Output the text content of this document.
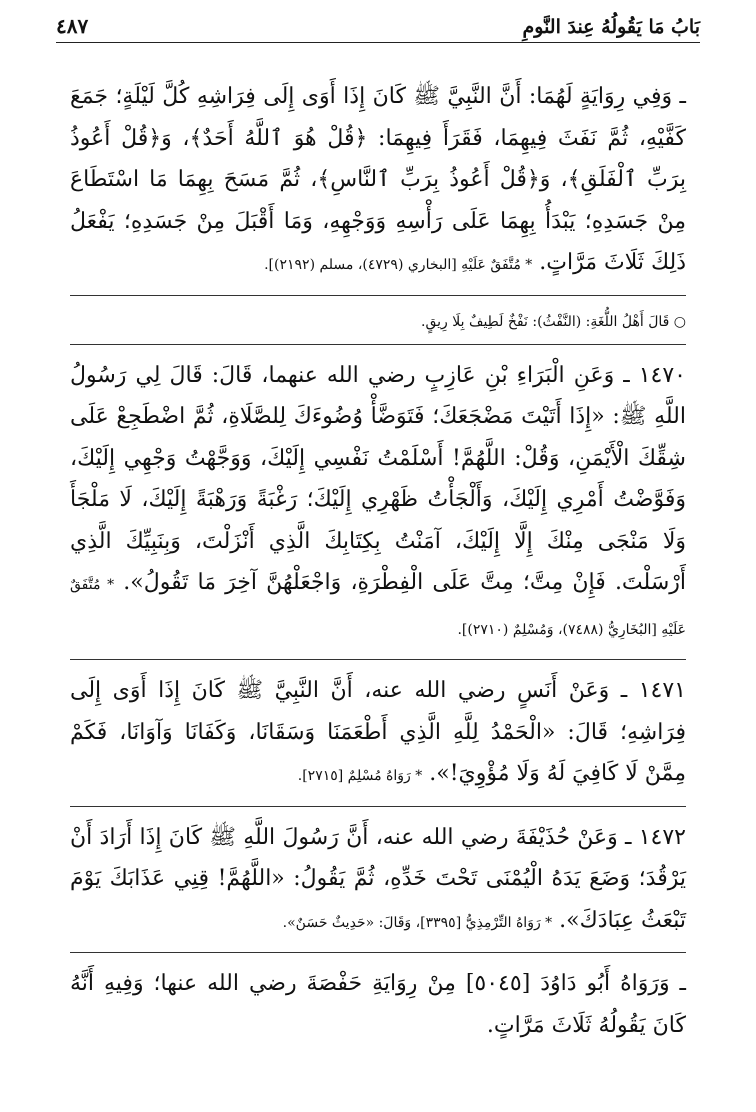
بَابُ مَا يَقُولُهُ عِندَ النَّومِ
٤٨٧

ـ وَفِي رِوَايَةٍ لَهُمَا: أَنَّ النَّبِيَّ ﷺ كَانَ إِذَا أَوَى إِلَى فِرَاشِهِ كُلَّ لَيْلَةٍ؛ جَمَعَ كَفَّيْهِ، ثُمَّ نَفَثَ فِيهِمَا، فَقَرَأَ فِيهِمَا: ﴿قُلْ هُوَ ٱللَّهُ أَحَدٌ﴾، وَ﴿قُلْ أَعُوذُ بِرَبِّ ٱلْفَلَقِ﴾، وَ﴿قُلْ أَعُوذُ بِرَبِّ ٱلنَّاسِ﴾، ثُمَّ مَسَحَ بِهِمَا مَا اسْتَطَاعَ مِنْ جَسَدِهِ؛ يَبْدَأُ بِهِمَا عَلَى رَأْسِهِ وَوَجْهِهِ، وَمَا أَقْبَلَ مِنْ جَسَدِهِ؛ يَفْعَلُ ذَلِكَ ثَلَاثَ مَرَّاتٍ. * مُتَّفَقٌ عَلَيْهِ [البخاري (٤٧٢٩)، مسلم (٢١٩٢)].

○ قَالَ أَهْلُ اللُّغَةِ: (النَّفْثُ): نَفْخٌ لَطِيفٌ بِلَا رِيقٍ.

١٤٧٠ ـ وَعَنِ الْبَرَاءِ بْنِ عَازِبٍ رضي الله عنهما، قَالَ: قَالَ لِي رَسُولُ اللَّهِ ﷺ: «إِذَا أَتَيْتَ مَضْجَعَكَ؛ فَتَوَضَّأْ وُضُوءَكَ لِلصَّلَاةِ، ثُمَّ اضْطَجِعْ عَلَى شِقِّكَ الْأَيْمَنِ، وَقُلْ: اللَّهُمَّ! أَسْلَمْتُ نَفْسِي إِلَيْكَ، وَوَجَّهْتُ وَجْهِي إِلَيْكَ، وَفَوَّضْتُ أَمْرِي إِلَيْكَ، وَأَلْجَأْتُ ظَهْرِي إِلَيْكَ؛ رَغْبَةً وَرَهْبَةً إِلَيْكَ، لَا مَلْجَأَ وَلَا مَنْجَى مِنْكَ إِلَّا إِلَيْكَ، آمَنْتُ بِكِتَابِكَ الَّذِي أَنْزَلْتَ، وَبِنَبِيِّكَ الَّذِي أَرْسَلْتَ. فَإِنْ مِتَّ؛ مِتَّ عَلَى الْفِطْرَةِ، وَاجْعَلْهُنَّ آخِرَ مَا تَقُولُ». * مُتَّفَقٌ عَلَيْهِ [البُخَارِيُّ (٧٤٨٨)، وَمُسْلِمٌ (٢٧١٠)].

١٤٧١ ـ وَعَنْ أَنَسٍ رضي الله عنه، أَنَّ النَّبِيَّ ﷺ كَانَ إِذَا أَوَى إِلَى فِرَاشِهِ؛ قَالَ: «الْحَمْدُ لِلَّهِ الَّذِي أَطْعَمَنَا وَسَقَانَا، وَكَفَانَا وَآوَانَا، فَكَمْ مِمَّنْ لَا كَافِيَ لَهُ وَلَا مُؤْوِيَ!». * رَوَاهُ مُسْلِمٌ [٢٧١٥].

١٤٧٢ ـ وَعَنْ حُذَيْفَةَ رضي الله عنه، أَنَّ رَسُولَ اللَّهِ ﷺ كَانَ إِذَا أَرَادَ أَنْ يَرْقُدَ؛ وَضَعَ يَدَهُ الْيُمْنَى تَحْتَ خَدِّهِ، ثُمَّ يَقُولُ: «اللَّهُمَّ! قِنِي عَذَابَكَ يَوْمَ تَبْعَثُ عِبَادَكَ». * رَوَاهُ التِّرْمِذِيُّ [٣٣٩٥]، وَقَالَ: «حَدِيثٌ حَسَنٌ».

ـ وَرَوَاهُ أَبُو دَاوُدَ [٥٠٤٥] مِنْ رِوَايَةِ حَفْصَةَ رضي الله عنها؛ وَفِيهِ أَنَّهُ كَانَ يَقُولُهُ ثَلَاثَ مَرَّاتٍ.
